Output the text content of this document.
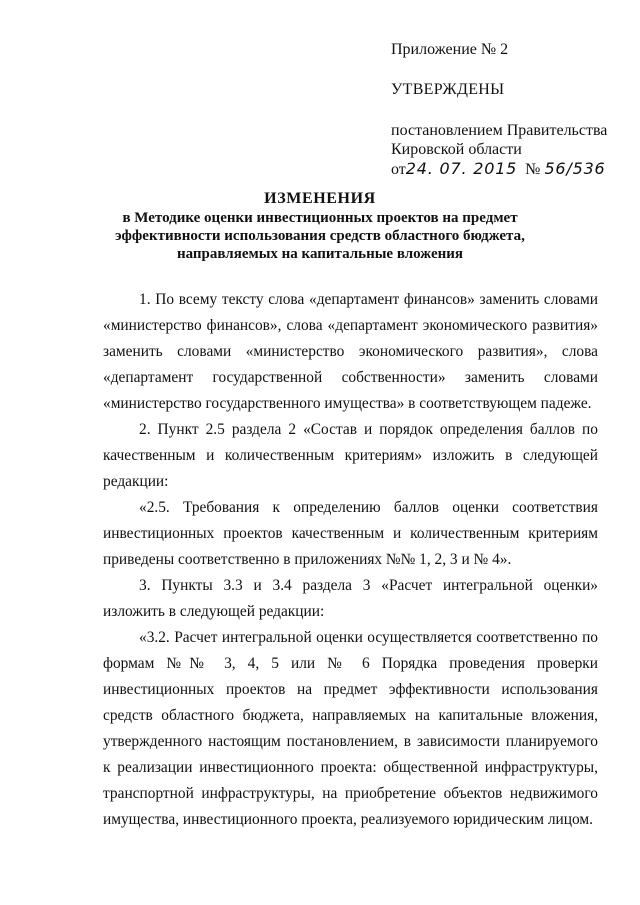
Приложение № 2
УТВЕРЖДЕНЫ
постановлением Правительства
Кировской области
от24. 07. 2015 № 56/536
ИЗМЕНЕНИЯ
в Методике оценки инвестиционных проектов на предмет
эффективности использования средств областного бюджета,
направляемых на капитальные вложения

1. По всему тексту слова «департамент финансов» заменить словами «министерство финансов», слова «департамент экономического развития» заменить словами «министерство экономического развития», слова «департамент государственной собственности» заменить словами «министерство государственного имущества» в соответствующем падеже.

2. Пункт 2.5 раздела 2 «Состав и порядок определения баллов по качественным и количественным критериям» изложить в следующей редакции:

«2.5. Требования к определению баллов оценки соответствия инвестиционных проектов качественным и количественным критериям приведены соответственно в приложениях №№ 1, 2, 3 и № 4».

3. Пункты 3.3 и 3.4 раздела 3 «Расчет интегральной оценки» изложить в следующей редакции:

«3.2. Расчет интегральной оценки осуществляется соответственно по формам №№ 3, 4, 5 или № 6 Порядка проведения проверки инвестиционных проектов на предмет эффективности использования средств областного бюджета, направляемых на капитальные вложения, утвержденного настоящим постановлением, в зависимости планируемого к реализации инвестиционного проекта: общественной инфраструктуры, транспортной инфраструктуры, на приобретение объектов недвижимого имущества, инвестиционного проекта, реализуемого юридическим лицом.
